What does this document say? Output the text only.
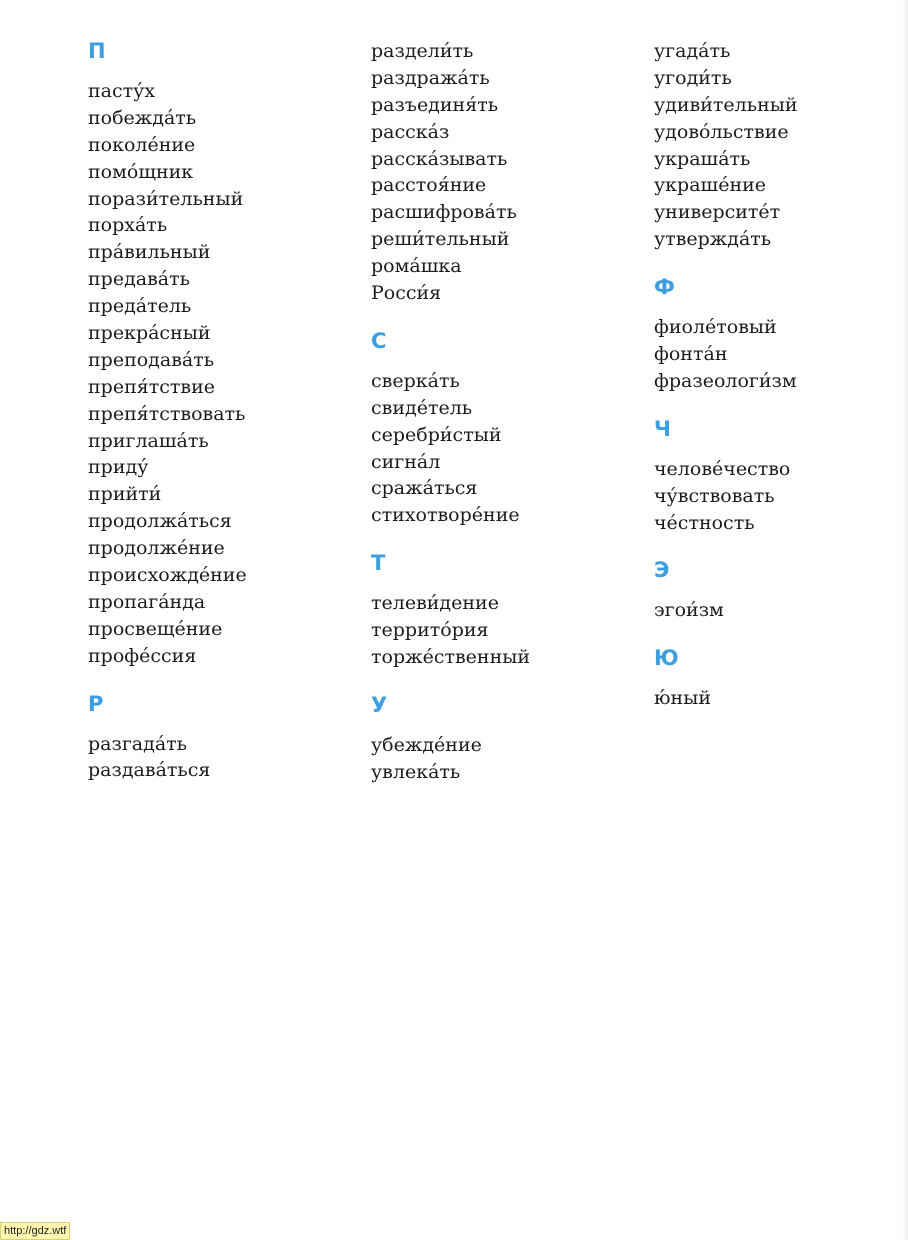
П
пасту́х
побежда́ть
поколе́ние
помо́щник
порази́тельный
порха́ть
пра́вильный
предава́ть
преда́тель
прекра́сный
преподава́ть
препя́тствие
препя́тствовать
приглаша́ть
приду́
прийти́
продолжа́ться
продолже́ние
происхожде́ние
пропага́нда
просвеще́ние
профе́ссия
Р
разгада́ть
раздава́ться
раздели́ть
раздража́ть
разъединя́ть
расска́з
расска́зывать
расстоя́ние
расшифрова́ть
реши́тельный
рома́шка
Росси́я
С
сверка́ть
свиде́тель
серебри́стый
сигна́л
сража́ться
стихотворе́ние
Т
телеви́дение
террито́рия
торже́ственный
У
убежде́ние
увлека́ть
угада́ть
угоди́ть
удиви́тельный
удово́льствие
украша́ть
украше́ние
университе́т
утвержда́ть
Ф
фиоле́товый
фонта́н
фразеологи́зм
Ч
челове́чество
чу́вствовать
че́стность
Э
эгои́зм
Ю
ю́ный
http://gdz.wtf
